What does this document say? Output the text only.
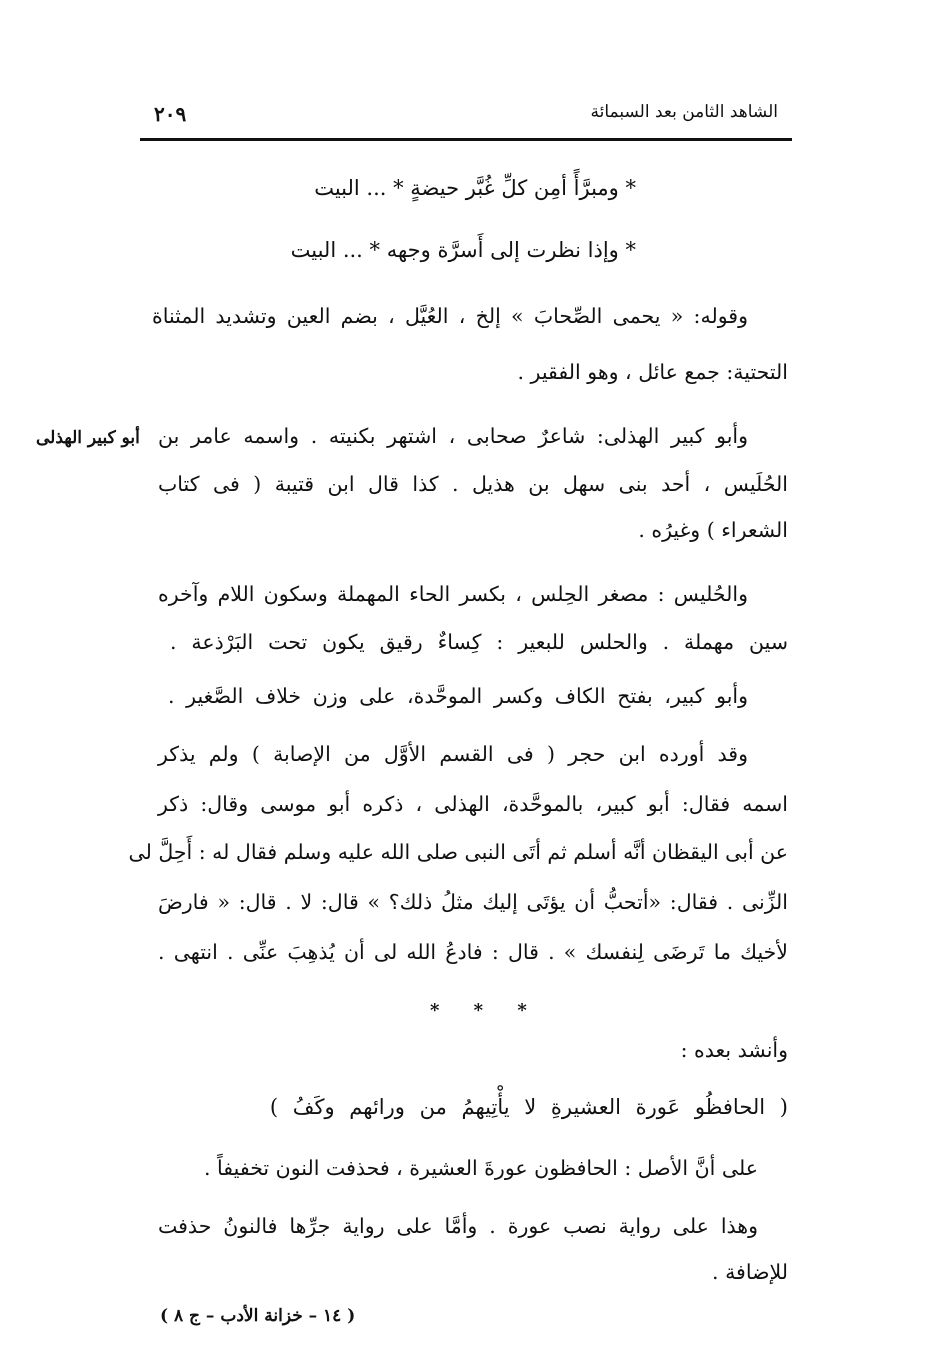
الشاهد الثامن بعد السبمائة
٢٠٩
* ومبرَّأً أمِن كلِّ غُبَّر حيضةٍ * ... البيت
* وإذا نظرت إلى أَسرَّة وجهه * ... البيت
وقوله: « يحمى الصِّحابَ » إلخ ، العُيَّل ، بضم العين وتشديد المثناة
التحتية: جمع عائل ، وهو الفقير .
وأبو كبير الهذلى: شاعرٌ صحابى ، اشتهر بكنيته . واسمه عامر بن
الحُلَيس ، أحد بنى سهل بن هذيل . كذا قال ابن قتيبة ( فى كتاب
الشعراء ) وغيرُه .
والحُليس : مصغر الحِلس ، بكسر الحاء المهملة وسكون اللام وآخره
سين مهملة . والحلس للبعير : كِساءٌ رقيق يكون تحت البَرْذعة .
وأبو كبير، بفتح الكاف وكسر الموحَّدة، على وزن خلاف الصَّغير .
وقد أورده ابن حجر ( فى القسم الأوَّل من الإصابة ) ولم يذكر
اسمه فقال: أبو كبير، بالموحَّدة، الهذلى ، ذكره أبو موسى وقال: ذكر
عن أبى اليقظان أنَّه أسلم ثم أتَى النبى صلى الله عليه وسلم فقال له : أَحِلَّ لى
الزِّنى . فقال: «أتحبُّ أن يؤتَى إليك مثلُ ذلك؟ » قال: لا . قال: « فارضَ
لأخيك ما تَرضَى لِنفسك » . قال : فادعُ الله لى أن يُذهِبَ عنِّى . انتهى .
أبو كبير الهذلى
* * *
وأنشد بعده :
( الحافظُو عَورة العشيرةِ لا يأْتِيهمُ من ورائهم وكَفُ )
على أنَّ الأصل : الحافظون عورةَ العشيرة ، فحذفت النون تخفيفاً .
وهذا على رواية نصب عورة . وأمَّا على رواية جرِّها فالنونُ حذفت
للإضافة .
( ١٤ – خزانة الأدب – ج ٨ )
